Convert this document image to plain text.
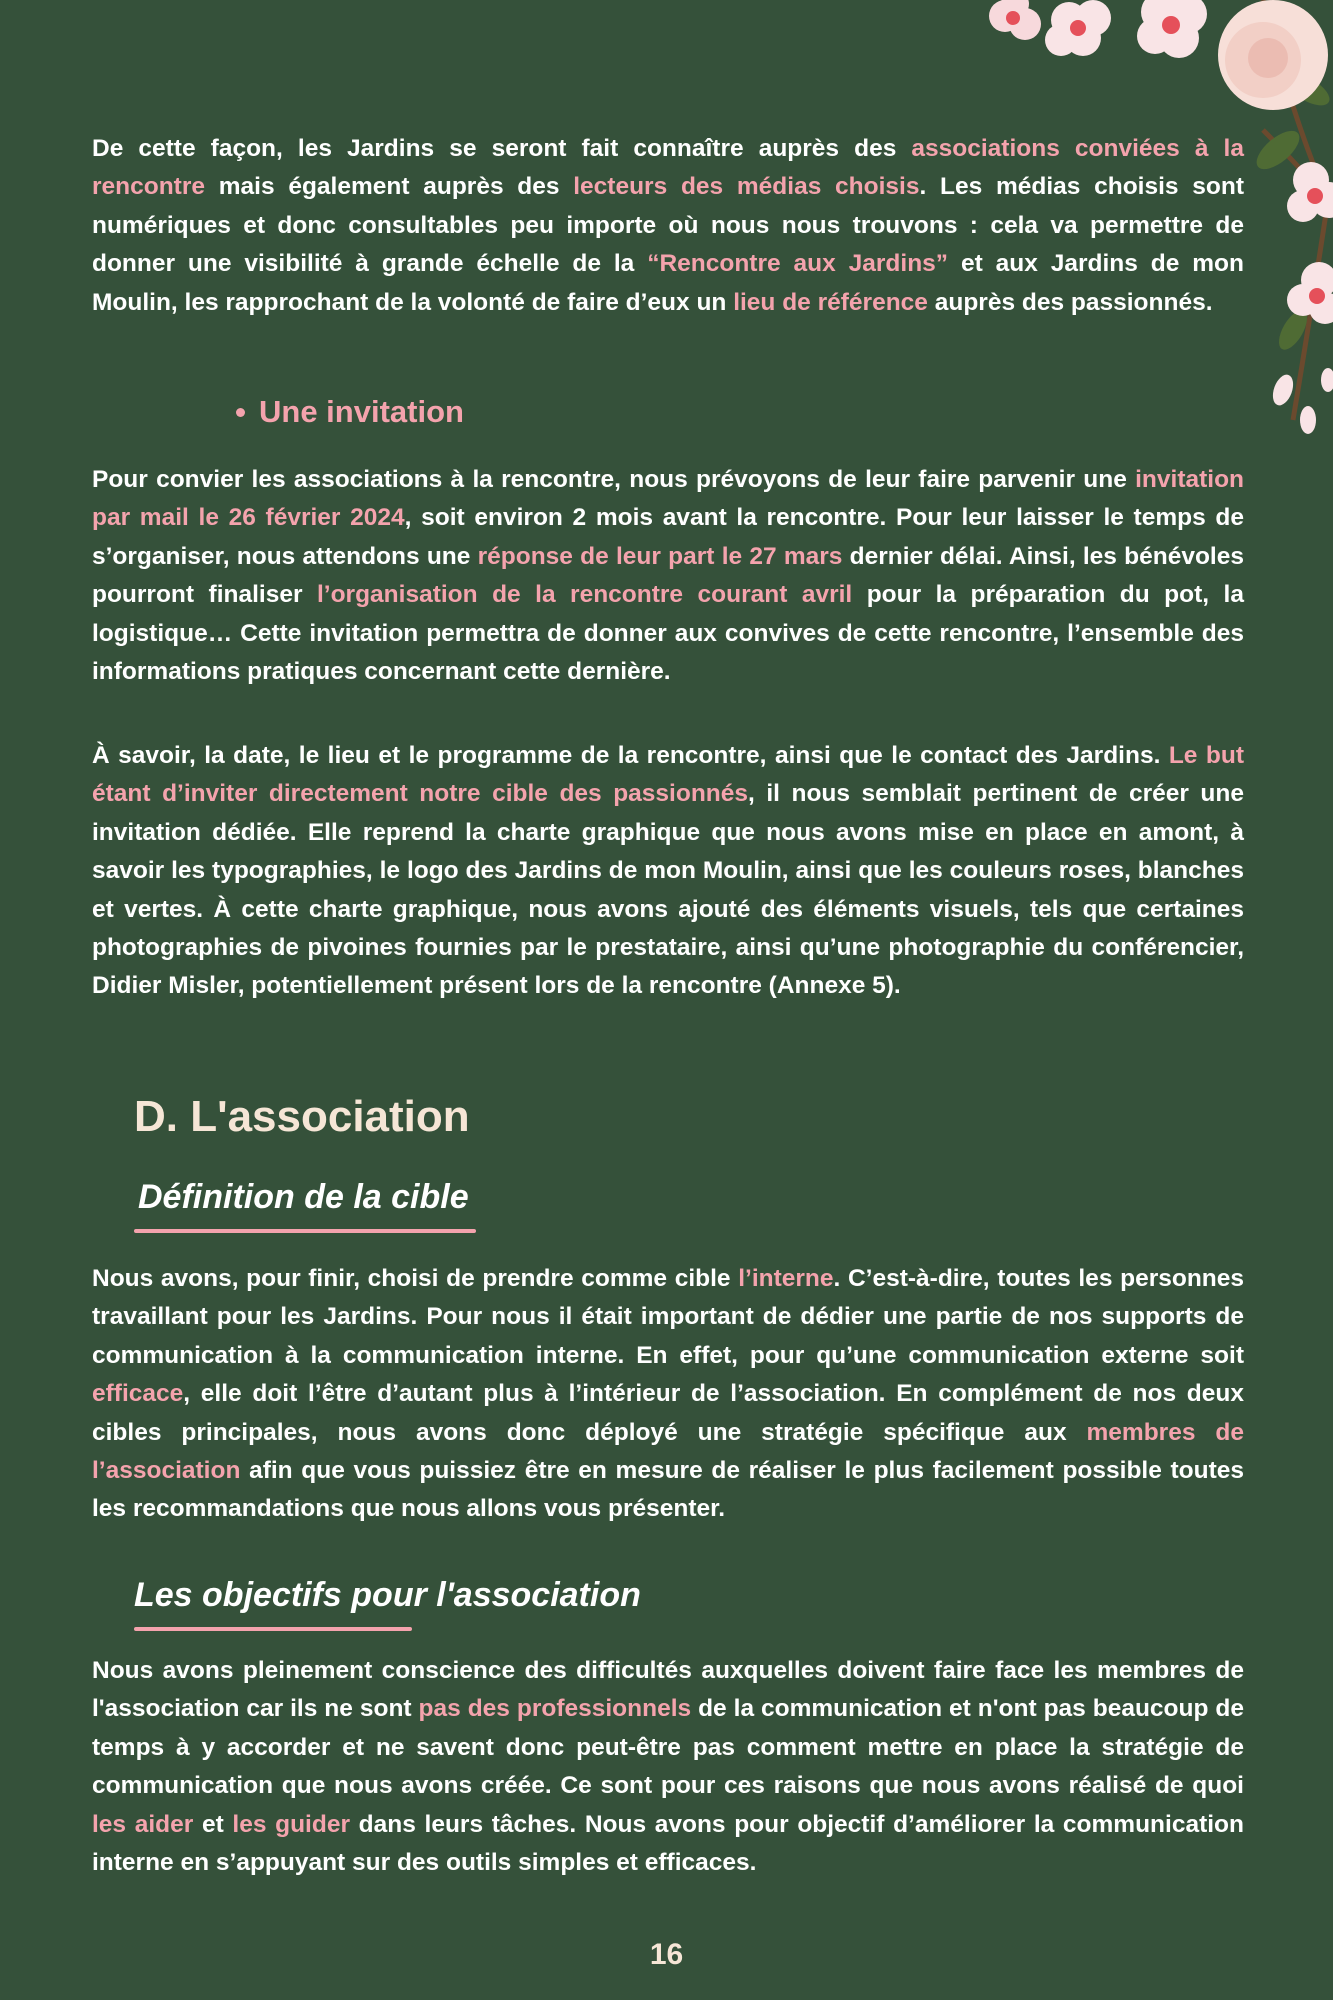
De cette façon, les Jardins se seront fait connaître auprès des associations conviées à la rencontre mais également auprès des lecteurs des médias choisis. Les médias choisis sont numériques et donc consultables peu importe où nous nous trouvons : cela va permettre de donner une visibilité à grande échelle de la “Rencontre aux Jardins” et aux Jardins de mon Moulin, les rapprochant de la volonté de faire d’eux un lieu de référence auprès des passionnés.

Une invitation

Pour convier les associations à la rencontre, nous prévoyons de leur faire parvenir une invitation par mail le 26 février 2024, soit environ 2 mois avant la rencontre. Pour leur laisser le temps de s’organiser, nous attendons une réponse de leur part le 27 mars dernier délai. Ainsi, les bénévoles pourront finaliser l’organisation de la rencontre courant avril pour la préparation du pot, la logistique… Cette invitation permettra de donner aux convives de cette rencontre, l’ensemble des informations pratiques concernant cette dernière.

À savoir, la date, le lieu et le programme de la rencontre, ainsi que le contact des Jardins. Le but étant d’inviter directement notre cible des passionnés, il nous semblait pertinent de créer une invitation dédiée. Elle reprend la charte graphique que nous avons mise en place en amont, à savoir les typographies, le logo des Jardins de mon Moulin, ainsi que les couleurs roses, blanches et vertes. À cette charte graphique, nous avons ajouté des éléments visuels, tels que certaines photographies de pivoines fournies par le prestataire, ainsi qu’une photographie du conférencier, Didier Misler, potentiellement présent lors de la rencontre (Annexe 5).

D. L'association
Définition de la cible

Nous avons, pour finir, choisi de prendre comme cible l’interne. C’est-à-dire, toutes les personnes travaillant pour les Jardins. Pour nous il était important de dédier une partie de nos supports de communication à la communication interne. En effet, pour qu’une communication externe soit efficace, elle doit l’être d’autant plus à l’intérieur de l’association. En complément de nos deux cibles principales, nous avons donc déployé une stratégie spécifique aux membres de l’association afin que vous puissiez être en mesure de réaliser le plus facilement possible toutes les recommandations que nous allons vous présenter.

Les objectifs pour l'association

Nous avons pleinement conscience des difficultés auxquelles doivent faire face les membres de l'association car ils ne sont pas des professionnels de la communication et n'ont pas beaucoup de temps à y accorder et ne savent donc peut-être pas comment mettre en place la stratégie de communication que nous avons créée. Ce sont pour ces raisons que nous avons réalisé de quoi les aider et les guider dans leurs tâches. Nous avons pour objectif d’améliorer la communication interne en s’appuyant sur des outils simples et efficaces.

16
